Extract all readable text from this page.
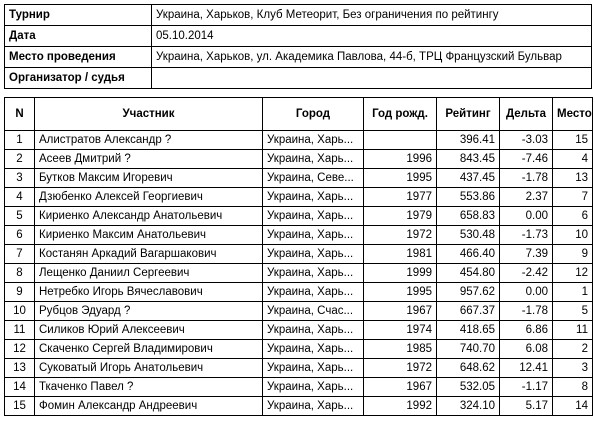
Турнир	Украина, Харьков, Клуб Метеорит, Без ограничения по рейтингу
Дата	05.10.2014
Место проведения	Украина, Харьков, ул. Академика Павлова, 44-б, ТРЦ Французский Бульвар
Организатор / судья	
N	Участник	Город	Год рожд.	Рейтинг	Дельта	Место
1	Алистратов Александр ?	Украина, Харь...		396.41	-3.03	15
2	Асеев Дмитрий ?	Украина, Харь...	1996	843.45	-7.46	4
3	Бутков Максим Игоревич	Украина, Севе...	1995	437.45	-1.78	13
4	Дзюбенко Алексей Георгиевич	Украина, Харь...	1977	553.86	2.37	7
5	Кириенко Александр Анатольевич	Украина, Харь...	1979	658.83	0.00	6
6	Кириенко Максим Анатольевич	Украина, Харь...	1972	530.48	-1.73	10
7	Костанян Аркадий Вагаршакович	Украина, Харь...	1981	466.40	7.39	9
8	Лещенко Даниил Сергеевич	Украина, Харь...	1999	454.80	-2.42	12
9	Нетребко Игорь Вячеславович	Украина, Харь...	1995	957.62	0.00	1
10	Рубцов Эдуард ?	Украина, Счас...	1967	667.37	-1.78	5
11	Силиков Юрий Алексеевич	Украина, Харь...	1974	418.65	6.86	11
12	Скаченко Сергей Владимирович	Украина, Харь...	1985	740.70	6.08	2
13	Суковатый Игорь Анатольевич	Украина, Харь...	1972	648.62	12.41	3
14	Ткаченко Павел ?	Украина, Харь...	1967	532.05	-1.17	8
15	Фомин Александр Андреевич	Украина, Харь...	1992	324.10	5.17	14
